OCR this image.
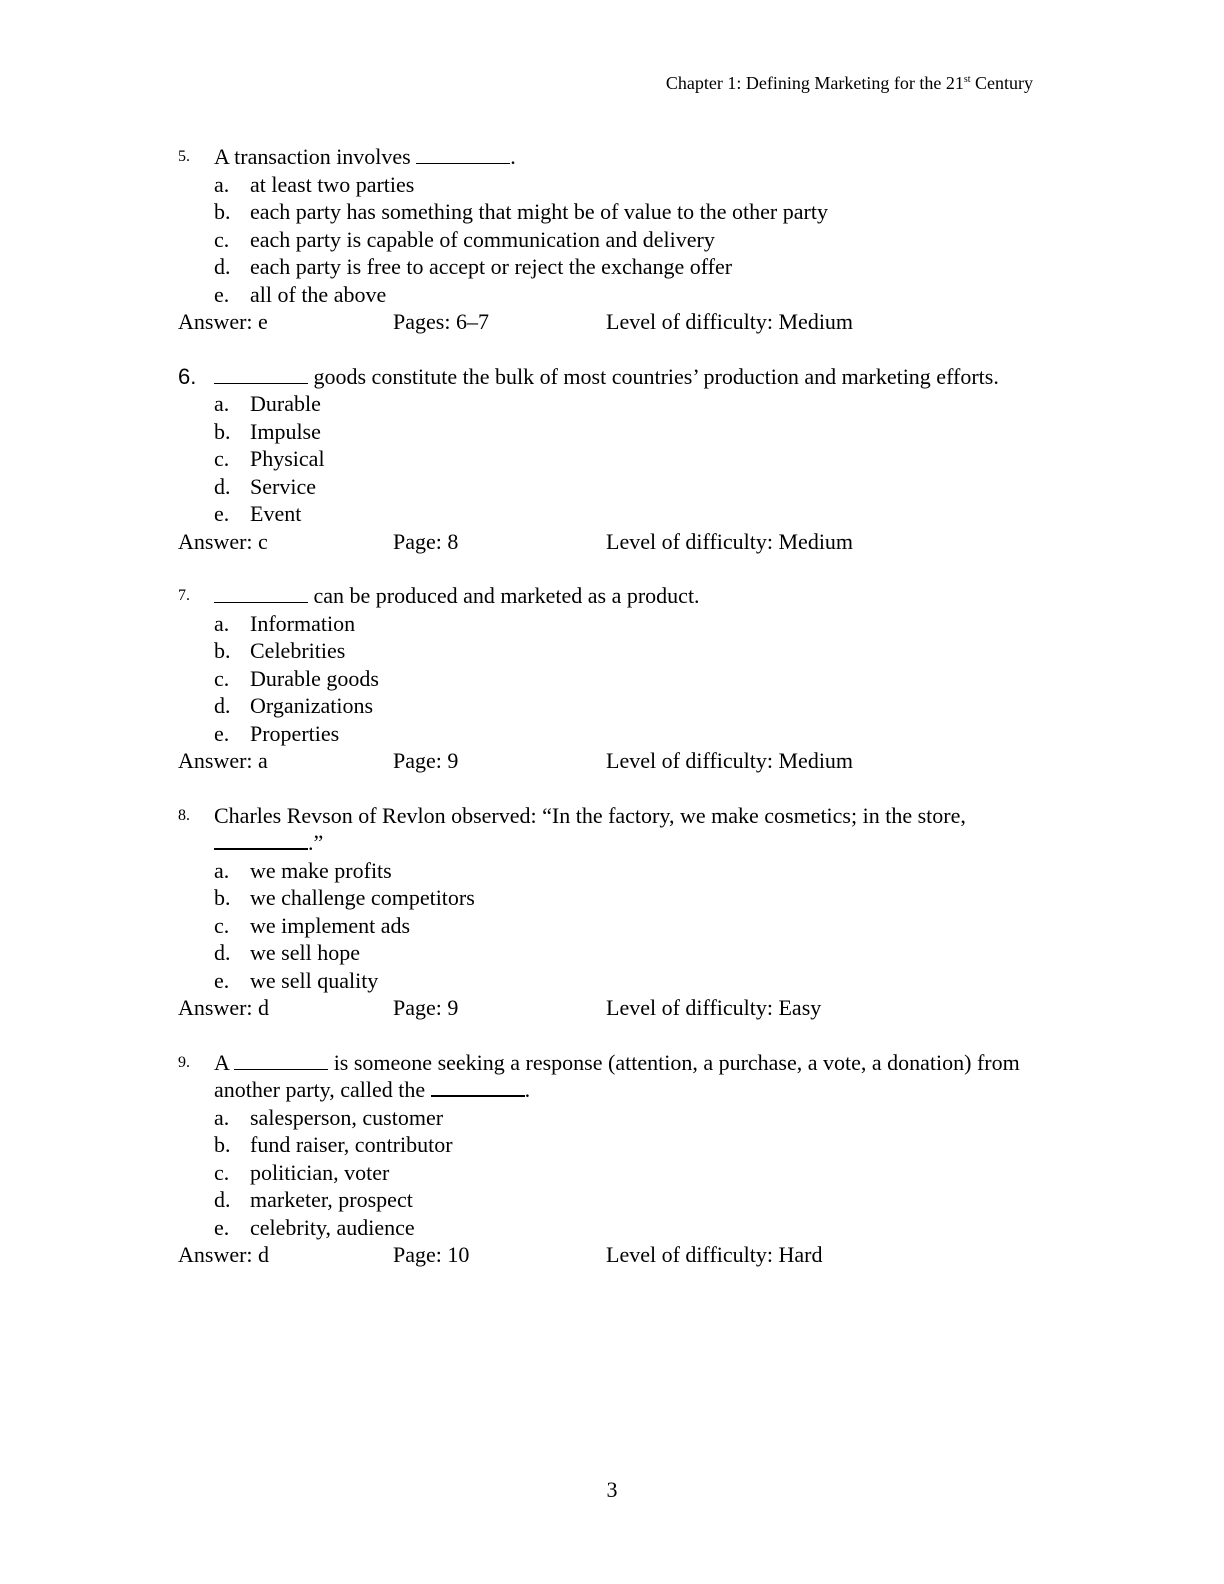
Chapter 1: Defining Marketing for the 21st Century
5. A transaction involves	.
a. at least two parties
b. each party has something that might be of value to the other party
c. each party is capable of communication and delivery
d. each party is free to accept or reject the exchange offer
e. all of the above
Answer: e	Pages: 6–7	Level of difficulty: Medium
6.	goods constitute the bulk of most countries’ production and marketing efforts.
a. Durable
b. Impulse
c. Physical
d. Service
e. Event
Answer: c	Page: 8	Level of difficulty: Medium
7.	can be produced and marketed as a product.
a. Information
b. Celebrities
c. Durable goods
d. Organizations
e. Properties
Answer: a	Page: 9	Level of difficulty: Medium
8. Charles Revson of Revlon observed: “In the factory, we make cosmetics; in the store, .”
a. we make profits
b. we challenge competitors
c. we implement ads
d. we sell hope
e. we sell quality
Answer: d	Page: 9	Level of difficulty: Easy
9. A	is someone seeking a response (attention, a purchase, a vote, a donation) from another party, called the	.
a. salesperson, customer
b. fund raiser, contributor
c. politician, voter
d. marketer, prospect
e. celebrity, audience
Answer: d	Page: 10	Level of difficulty: Hard
3
